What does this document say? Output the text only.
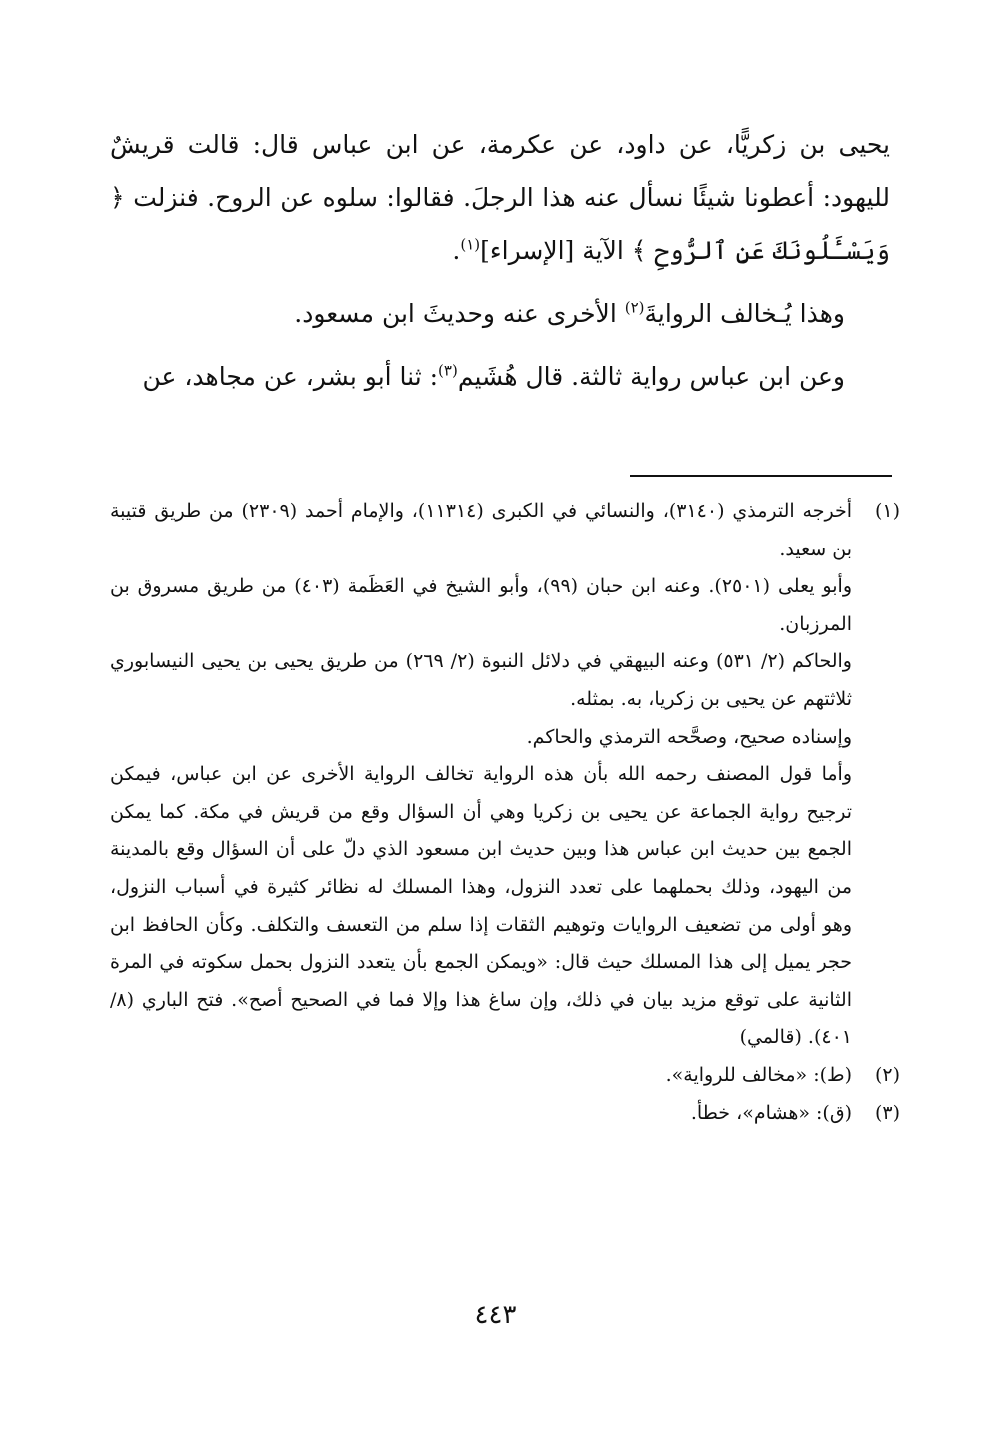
يحيى بن زكريًّا، عن داود، عن عكرمة، عن ابن عباس قال: قالت قريشٌ لليهود: أعطونا شيئًا نسأل عنه هذا الرجلَ. فقالوا: سلوه عن الروح. فنزلت ﴿ وَيَسْـَٔلُونَكَ عَنِ ٱلرُّوحِ ﴾ الآية [الإسراء]$^{(١)}$.

وهذا يُـخالف الروايةَ$^{(٢)}$ الأخرى عنه وحديثَ ابن مسعود.

وعن ابن عباس رواية ثالثة. قال هُشَيم$^{(٣)}$: ثنا أبو بشر، عن مجاهد، عن

(١)

أخرجه الترمذي (٣١٤٠)، والنسائي في الكبرى (١١٣١٤)، والإمام أحمد (٢٣٠٩) من طريق قتيبة بن سعيد.

وأبو يعلى (٢٥٠١). وعنه ابن حبان (٩٩)، وأبو الشيخ في العَظَمة (٤٠٣) من طريق مسروق بن المرزبان.

والحاكم (٢/ ٥٣١) وعنه البيهقي في دلائل النبوة (٢/ ٢٦٩) من طريق يحيى بن يحيى النيسابوري ثلاثتهم عن يحيى بن زكريا، به. بمثله.

وإسناده صحيح، وصحَّحه الترمذي والحاكم.

وأما قول المصنف رحمه الله بأن هذه الرواية تخالف الرواية الأخرى عن ابن عباس، فيمكن ترجيح رواية الجماعة عن يحيى بن زكريا وهي أن السؤال وقع من قريش في مكة. كما يمكن الجمع بين حديث ابن عباس هذا وبين حديث ابن مسعود الذي دلّ على أن السؤال وقع بالمدينة من اليهود، وذلك بحملهما على تعدد النزول، وهذا المسلك له نظائر كثيرة في أسباب النزول، وهو أولى من تضعيف الروايات وتوهيم الثقات إذا سلم من التعسف والتكلف. وكأن الحافظ ابن حجر يميل إلى هذا المسلك حيث قال: «ويمكن الجمع بأن يتعدد النزول بحمل سكوته في المرة الثانية على توقع مزيد بيان في ذلك، وإن ساغ هذا وإلا فما في الصحيح أصح». فتح الباري (٨/ ٤٠١). (قالمي)

(٢)
(ط): «مخالف للرواية».
(٣)
(ق): «هشام»، خطأ.
٤٤٣
